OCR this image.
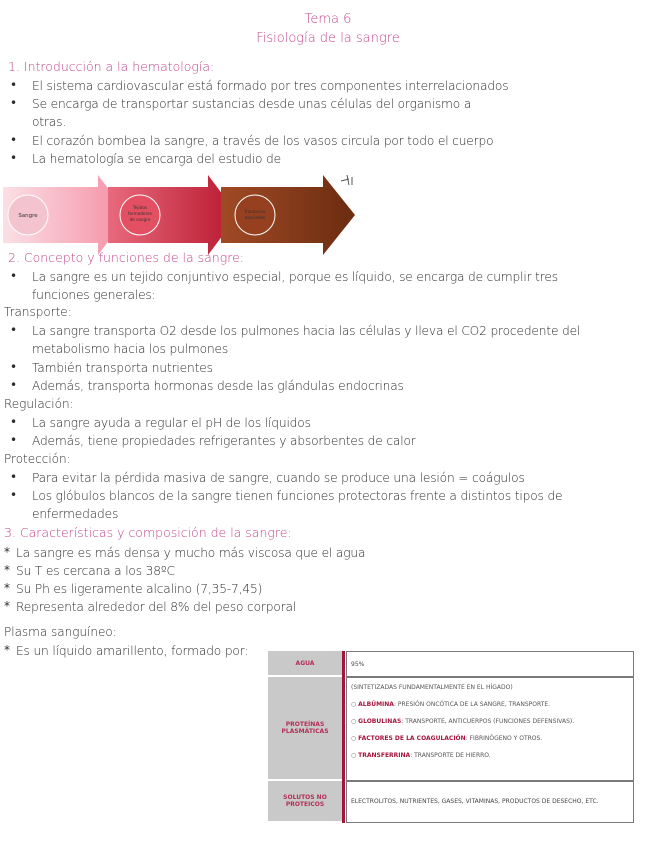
Tema 6
Fisiología de la sangre
1. Introducción a la hematología:
• El sistema cardiovascular está formado por tres componentes interrelacionados
• Se encarga de transportar sustancias desde unas células del organismo a
otras.
• El corazón bombea la sangre, a través de los vasos circula por todo el cuerpo
• La hematología se encarga del estudio de
Sangre
Tejidos
formadores
de sangre
Trastornos
asociados
2. Concepto y funciones de la sangre:
• La sangre es un tejido conjuntivo especial, porque es líquido, se encarga de cumplir tres
funciones generales:
Transporte:
• La sangre transporta O2 desde los pulmones hacia las células y lleva el CO2 procedente del
metabolismo hacia los pulmones
• También transporta nutrientes
• Además, transporta hormonas desde las glándulas endocrinas
Regulación:
• La sangre ayuda a regular el pH de los líquidos
• Además, tiene propiedades refrigerantes y absorbentes de calor
Protección:
• Para evitar la pérdida masiva de sangre, cuando se produce una lesión = coágulos
• Los glóbulos blancos de la sangre tienen funciones protectoras frente a distintos tipos de
enfermedades
3. Características y composición de la sangre:
* La sangre es más densa y mucho más viscosa que el agua
* Su T es cercana a los 38ºC
* Su Ph es ligeramente alcalino (7,35-7,45)
* Representa alrededor del 8% del peso corporal
Plasma sanguíneo:
* Es un líquido amarillento, formado por:
AGUA		95%
PROTEÍNAS PLASMÁTICAS		(SINTETIZADAS FUNDAMENTALMENTE EN EL HÍGADO)
○ ALBÚMINA: PRESIÓN ONCÓTICA DE LA SANGRE, TRANSPORTE.
○ GLOBULINAS: TRANSPORTE, ANTICUERPOS (FUNCIONES DEFENSIVAS).
○ FACTORES DE LA COAGULACIÓN: FIBRINÓGENO Y OTROS.
○ TRANSFERRINA: TRANSPORTE DE HIERRO.

SOLUTOS NO PROTEICOS		ELECTROLITOS, NUTRIENTES, GASES, VITAMINAS, PRODUCTOS DE DESECHO, ETC.
